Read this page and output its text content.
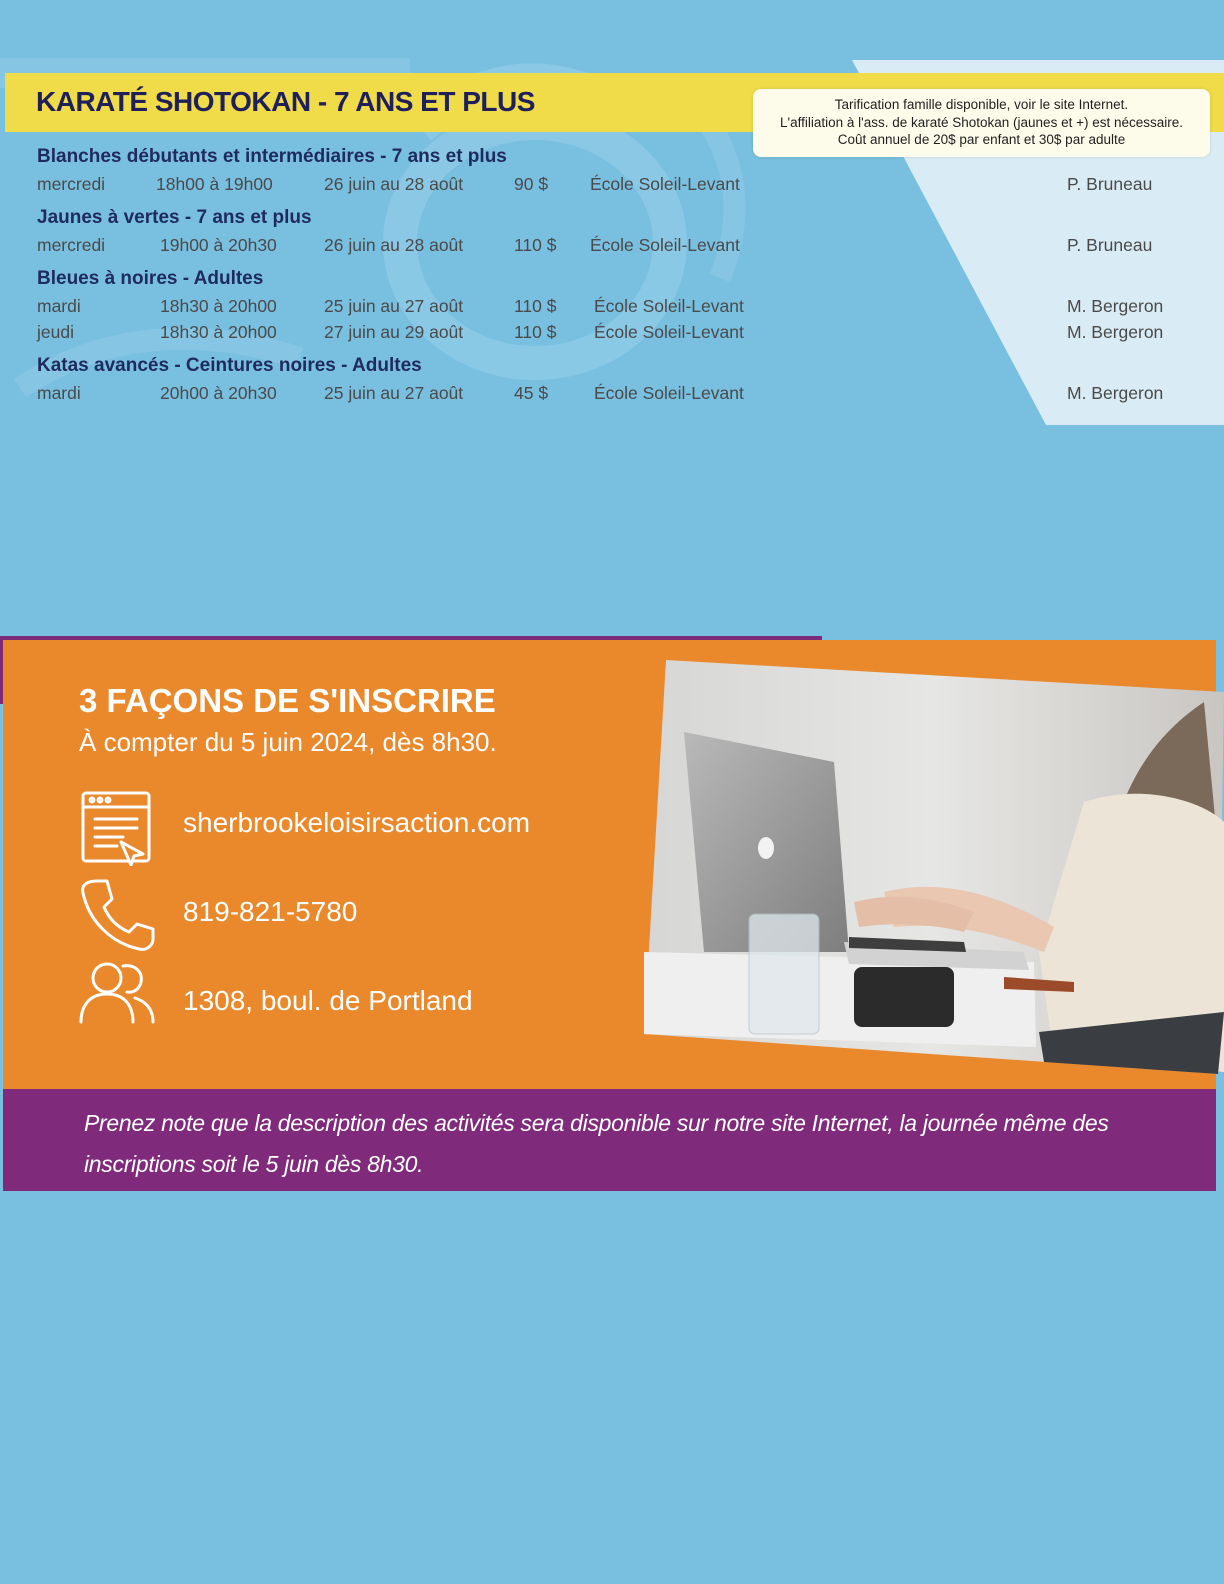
KARATÉ SHOTOKAN - 7 ANS ET PLUS	Tarification famille disponible, voir le site Internet.
L'affiliation à l'ass. de karaté Shotokan (jaunes et +) est nécessaire.
Coût annuel de 20$ par enfant et 30$ par adulte
Blanches débutants et intermédiaires - 7 ans et plus
mercredi	18h00 à 19h00	26 juin au 28 août	90 $ École Soleil-Levant	P. Bruneau
Jaunes à vertes - 7 ans et plus
mercredi	19h00 à 20h30	26 juin au 28 août	110 $ École Soleil-Levant	P. Bruneau
Bleues à noires - Adultes
mardi	18h30 à 20h00	25 juin au 27 août	110 $ École Soleil-Levant	M. Bergeron
jeudi	18h30 à 20h00	27 juin au 29 août	110 $ École Soleil-Levant	M. Bergeron
Katas avancés - Ceintures noires - Adultes
mardi	20h00 à 20h30	25 juin au 27 août	45 $	École Soleil-Levant	M. Bergeron
3 FAÇONS DE S'INSCRIRE
À compter du 5 juin 2024, dès 8h30.
sherbrookeloisirsaction.com
819-821-5780
1308, boul. de Portland

Prenez note que la description des activités sera disponible sur notre site Internet, la journée même des inscriptions soit le 5 juin dès 8h30.
